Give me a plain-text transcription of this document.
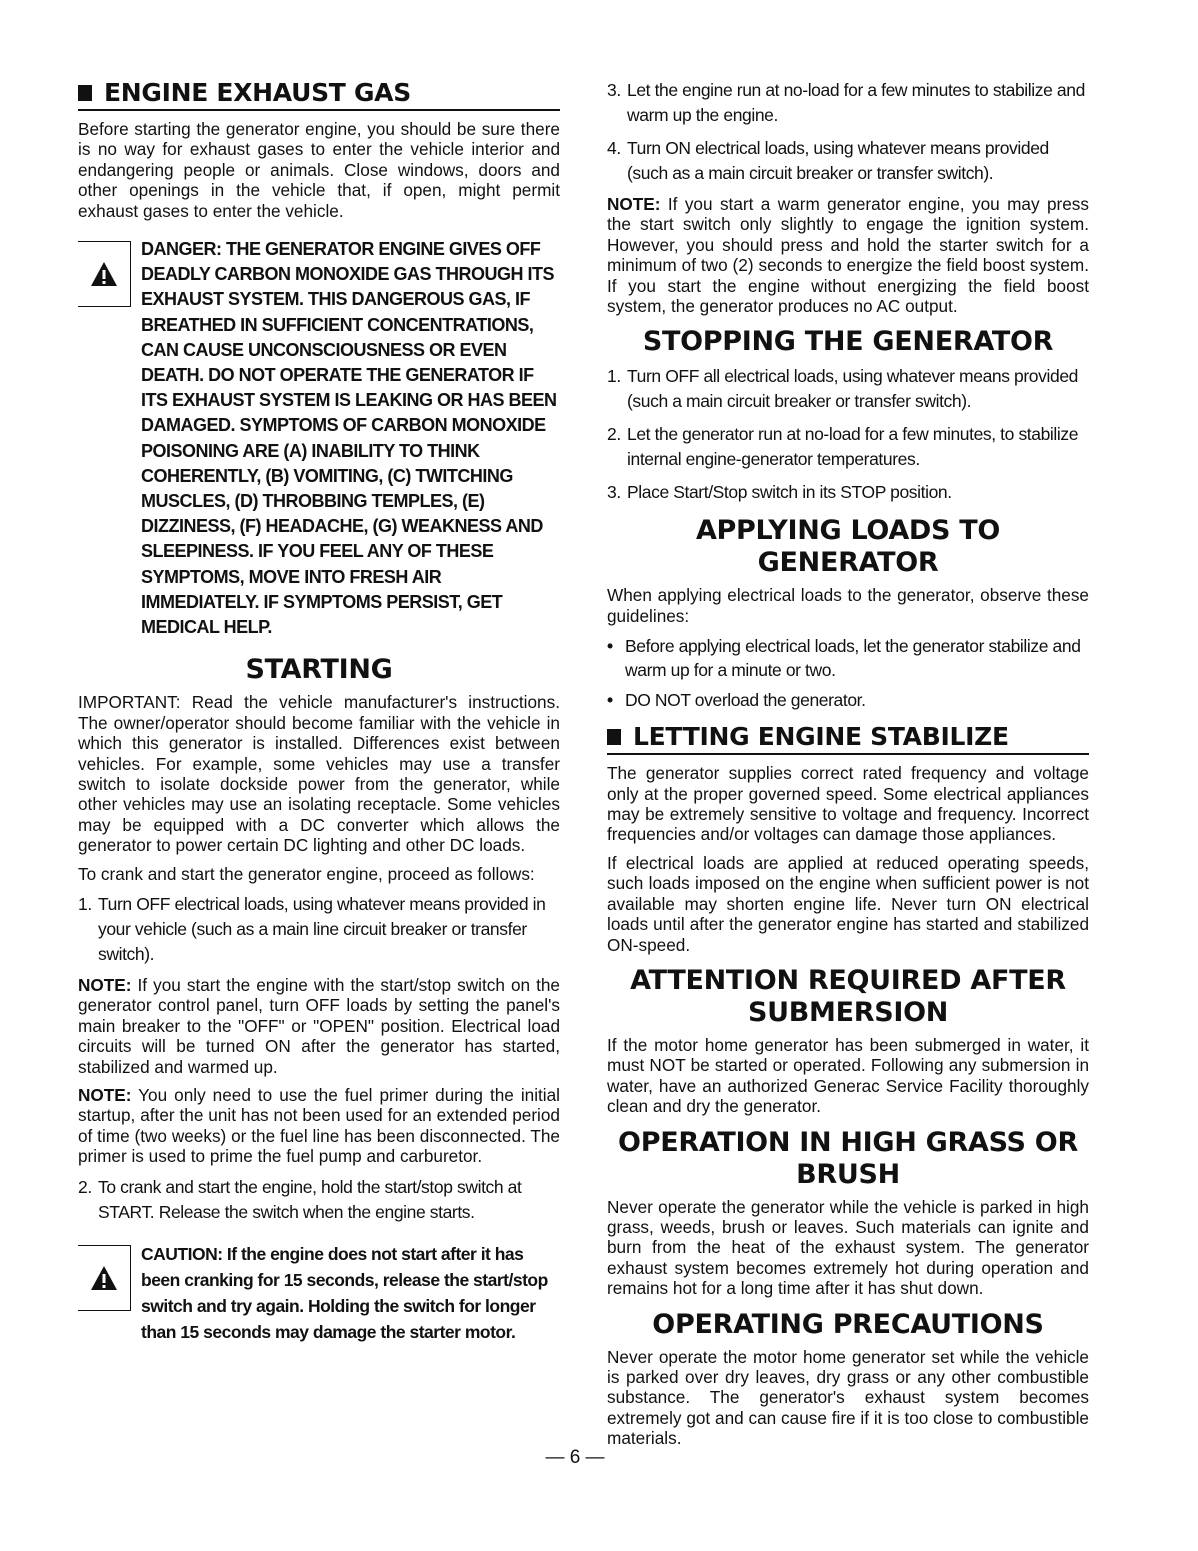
ENGINE EXHAUST GAS

Before starting the generator engine, you should be sure there is no way for exhaust gases to enter the vehicle interior and endangering people or animals. Close windows, doors and other openings in the vehicle that, if open, might permit exhaust gases to enter the vehicle.

DANGER: THE GENERATOR ENGINE GIVES OFF DEADLY CARBON MONOXIDE GAS THROUGH ITS EXHAUST SYSTEM. THIS DANGEROUS GAS, IF BREATHED IN SUFFICIENT CONCENTRATIONS, CAN CAUSE UNCONSCIOUSNESS OR EVEN DEATH. DO NOT OPERATE THE GENERATOR IF ITS EXHAUST SYSTEM IS LEAKING OR HAS BEEN DAMAGED. SYMPTOMS OF CARBON MONOXIDE POISONING ARE (A) INABILITY TO THINK COHERENTLY, (B) VOMITING, (C) TWITCHING MUSCLES, (D) THROBBING TEMPLES, (E) DIZZINESS, (F) HEADACHE, (G) WEAKNESS AND SLEEPINESS. IF YOU FEEL ANY OF THESE SYMPTOMS, MOVE INTO FRESH AIR IMMEDIATELY. IF SYMPTOMS PERSIST, GET MEDICAL HELP.
STARTING

IMPORTANT: Read the vehicle manufacturer's instructions. The owner/operator should become familiar with the vehicle in which this generator is installed. Differences exist between vehicles. For example, some vehicles may use a transfer switch to isolate dockside power from the generator, while other vehicles may use an isolating receptacle. Some vehicles may be equipped with a DC converter which allows the generator to power certain DC lighting and other DC loads.

To crank and start the generator engine, proceed as follows:

1. Turn OFF electrical loads, using whatever means provided in your vehicle (such as a main line circuit breaker or transfer switch).

NOTE: If you start the engine with the start/stop switch on the generator control panel, turn OFF loads by setting the panel's main breaker to the "OFF" or "OPEN" position. Electrical load circuits will be turned ON after the generator has started, stabilized and warmed up.

NOTE: You only need to use the fuel primer during the initial startup, after the unit has not been used for an extended period of time (two weeks) or the fuel line has been disconnected. The primer is used to prime the fuel pump and carburetor.

2. To crank and start the engine, hold the start/stop switch at START. Release the switch when the engine starts.
CAUTION: If the engine does not start after it has been cranking for 15 seconds, release the start/stop switch and try again. Holding the switch for longer than 15 seconds may damage the starter motor.
3. Let the engine run at no-load for a few minutes to stabilize and warm up the engine.
4. Turn ON electrical loads, using whatever means provided (such as a main circuit breaker or transfer switch).

NOTE: If you start a warm generator engine, you may press the start switch only slightly to engage the ignition system. However, you should press and hold the starter switch for a minimum of two (2) seconds to energize the field boost system. If you start the engine without energizing the field boost system, the generator produces no AC output.

STOPPING THE GENERATOR
1. Turn OFF all electrical loads, using whatever means provided (such a main circuit breaker or transfer switch).
2. Let the generator run at no-load for a few minutes, to stabilize internal engine-generator temperatures.
3. Place Start/Stop switch in its STOP position.
APPLYING LOADS TO GENERATOR

When applying electrical loads to the generator, observe these guidelines:

• Before applying electrical loads, let the generator stabilize and warm up for a minute or two.
• DO NOT overload the generator.
LETTING ENGINE STABILIZE

The generator supplies correct rated frequency and voltage only at the proper governed speed. Some electrical appliances may be extremely sensitive to voltage and frequency. Incorrect frequencies and/or voltages can damage those appliances.

If electrical loads are applied at reduced operating speeds, such loads imposed on the engine when sufficient power is not available may shorten engine life. Never turn ON electrical loads until after the generator engine has started and stabilized ON-speed.

ATTENTION REQUIRED AFTER SUBMERSION

If the motor home generator has been submerged in water, it must NOT be started or operated. Following any submersion in water, have an authorized Generac Service Facility thoroughly clean and dry the generator.

OPERATION IN HIGH GRASS OR BRUSH

Never operate the generator while the vehicle is parked in high grass, weeds, brush or leaves. Such materials can ignite and burn from the heat of the exhaust system. The generator exhaust system becomes extremely hot during operation and remains hot for a long time after it has shut down.

OPERATING PRECAUTIONS

Never operate the motor home generator set while the vehicle is parked over dry leaves, dry grass or any other combustible substance. The generator's exhaust system becomes extremely got and can cause fire if it is too close to combustible materials.

— 6 —
